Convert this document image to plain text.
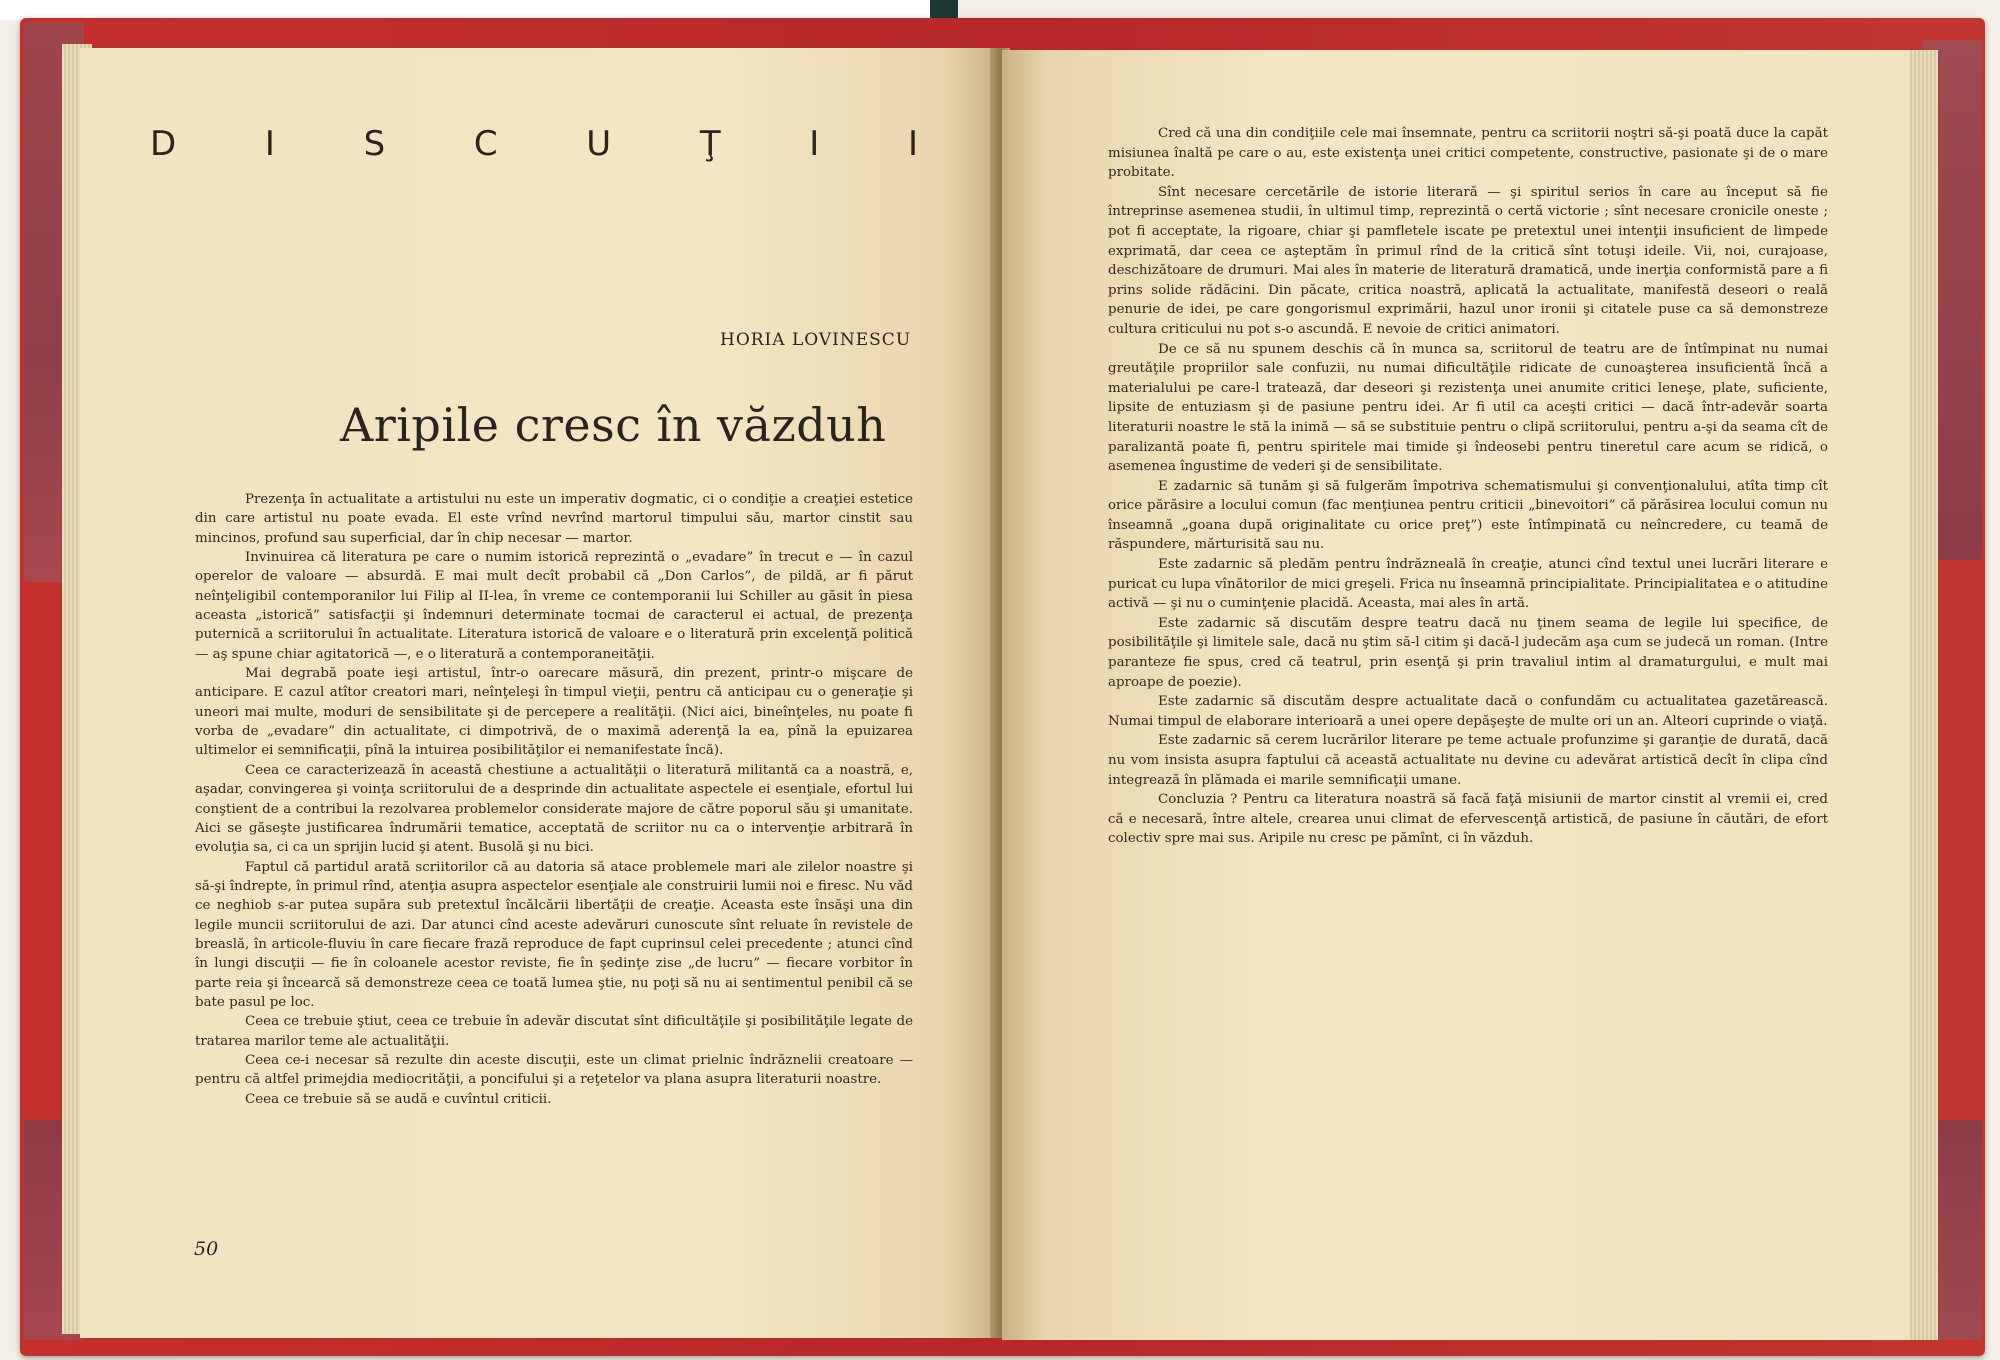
D	I	S	C	U	Ţ	I	I
HORIA LOVINESCU
Aripile cresc în văzduh

Prezenţa în actualitate a artistului nu este un imperativ dogmatic, ci o condiţie a creaţiei estetice din care artistul nu poate evada. El este vrînd nevrînd martorul timpului său, martor cinstit sau mincinos, profund sau superficial, dar în chip necesar — martor.

Invinuirea că literatura pe care o numim istorică reprezintă o „evadare” în trecut e — în cazul operelor de valoare — absurdă. E mai mult decît probabil că „Don Carlos”, de pildă, ar fi părut neînţeligibil contemporanilor lui Filip al II-lea, în vreme ce contemporanii lui Schiller au găsit în piesa aceasta „istorică” satisfacţii şi îndemnuri determinate tocmai de caracterul ei actual, de prezenţa puternică a scriitorului în actualitate. Literatura istorică de valoare e o literatură prin excelenţă politică — aş spune chiar agitatorică —, e o literatură a contemporaneităţii.

Mai degrabă poate ieşi artistul, într-o oarecare măsură, din prezent, printr-o mişcare de anticipare. E cazul atîtor creatori mari, neînţeleşi în timpul vieţii, pentru că anticipau cu o generaţie şi uneori mai multe, moduri de sensibilitate şi de percepere a realităţii. (Nici aici, bineînţeles, nu poate fi vorba de „evadare” din actualitate, ci dimpotrivă, de o maximă aderenţă la ea, pînă la epuizarea ultimelor ei semnificaţii, pînă la intuirea posibilităţilor ei nemanifestate încă).

Ceea ce caracterizează în această chestiune a actualităţii o literatură militantă ca a noastră, e, aşadar, convingerea şi voinţa scriitorului de a desprinde din actualitate aspectele ei esenţiale, efortul lui conştient de a contribui la rezolvarea problemelor considerate majore de către poporul său şi umanitate. Aici se găseşte justificarea îndrumării tematice, acceptată de scriitor nu ca o intervenţie arbitrară în evoluţia sa, ci ca un sprijin lucid şi atent. Busolă şi nu bici.

Faptul că partidul arată scriitorilor că au datoria să atace problemele mari ale zilelor noastre şi să-şi îndrepte, în primul rînd, atenţia asupra aspectelor esenţiale ale construirii lumii noi e firesc. Nu văd ce neghiob s-ar putea supăra sub pretextul încălcării libertăţii de creaţie. Aceasta este însăşi una din legile muncii scriitorului de azi. Dar atunci cînd aceste adevăruri cunoscute sînt reluate în revistele de breaslă, în articole-fluviu în care fiecare frază reproduce de fapt cuprinsul celei precedente ; atunci cînd în lungi discuţii — fie în coloanele acestor reviste, fie în şedinţe zise „de lucru” — fiecare vorbitor în parte reia şi încearcă să demonstreze ceea ce toată lumea ştie, nu poţi să nu ai sentimentul penibil că se bate pasul pe loc.

Ceea ce trebuie ştiut, ceea ce trebuie în adevăr discutat sînt dificultăţile şi posibilităţile legate de tratarea marilor teme ale actualităţii.

Ceea ce-i necesar să rezulte din aceste discuţii, este un climat prielnic îndrăznelii creatoare — pentru că altfel primejdia mediocrităţii, a poncifului şi a reţetelor va plana asupra literaturii noastre.

Ceea ce trebuie să se audă e cuvîntul criticii.

50

Cred că una din condiţiile cele mai însemnate, pentru ca scriitorii noştri să-şi poată duce la capăt misiunea înaltă pe care o au, este existenţa unei critici competente, constructive, pasionate şi de o mare probitate.

Sînt necesare cercetările de istorie literară — şi spiritul serios în care au început să fie întreprinse asemenea studii, în ultimul timp, reprezintă o certă victorie ; sînt necesare cronicile oneste ; pot fi acceptate, la rigoare, chiar şi pamfletele iscate pe pretextul unei intenţii insuficient de limpede exprimată, dar ceea ce aşteptăm în primul rînd de la critică sînt totuşi ideile. Vii, noi, curajoase, deschizătoare de drumuri. Mai ales în materie de literatură dramatică, unde inerţia conformistă pare a fi prins solide rădăcini. Din păcate, critica noastră, aplicată la actualitate, manifestă deseori o reală penurie de idei, pe care gongorismul exprimării, hazul unor ironii şi citatele puse ca să demonstreze cultura criticului nu pot s-o ascundă. E nevoie de critici animatori.

De ce să nu spunem deschis că în munca sa, scriitorul de teatru are de întîmpinat nu numai greutăţile propriilor sale confuzii, nu numai dificultăţile ridicate de cunoaşterea insuficientă încă a materialului pe care-l tratează, dar deseori şi rezistenţa unei anumite critici leneşe, plate, suficiente, lipsite de entuziasm şi de pasiune pentru idei. Ar fi util ca aceşti critici — dacă într-adevăr soarta literaturii noastre le stă la inimă — să se substituie pentru o clipă scriitorului, pentru a-şi da seama cît de paralizantă poate fi, pentru spiritele mai timide şi îndeosebi pentru tineretul care acum se ridică, o asemenea îngustime de vederi şi de sensibilitate.

E zadarnic să tunăm şi să fulgerăm împotriva schematismului şi convenţionalului, atîta timp cît orice părăsire a locului comun (fac menţiunea pentru criticii „binevoitori” că părăsirea locului comun nu înseamnă „goana după originalitate cu orice preţ”) este întîmpinată cu neîncredere, cu teamă de răspundere, mărturisită sau nu.

Este zadarnic să pledăm pentru îndrăzneală în creaţie, atunci cînd textul unei lucrări literare e puricat cu lupa vînătorilor de mici greşeli. Frica nu înseamnă principialitate. Principialitatea e o atitudine activă — şi nu o cuminţenie placidă. Aceasta, mai ales în artă.

Este zadarnic să discutăm despre teatru dacă nu ţinem seama de legile lui specifice, de posibilităţile şi limitele sale, dacă nu ştim să-l citim şi dacă-l judecăm aşa cum se judecă un roman. (Intre paranteze fie spus, cred că teatrul, prin esenţă şi prin travaliul intim al dramaturgului, e mult mai aproape de poezie).

Este zadarnic să discutăm despre actualitate dacă o confundăm cu actualitatea gazetărească. Numai timpul de elaborare interioară a unei opere depăşeşte de multe ori un an. Alteori cuprinde o viaţă.

Este zadarnic să cerem lucrărilor literare pe teme actuale profunzime şi garanţie de durată, dacă nu vom insista asupra faptului că această actualitate nu devine cu adevărat artistică decît în clipa cînd integrează în plămada ei marile semnificaţii umane.

Concluzia ? Pentru ca literatura noastră să facă faţă misiunii de martor cinstit al vremii ei, cred că e necesară, între altele, crearea unui climat de efervescenţă artistică, de pasiune în căutări, de efort colectiv spre mai sus. Aripile nu cresc pe pămînt, ci în văzduh.
